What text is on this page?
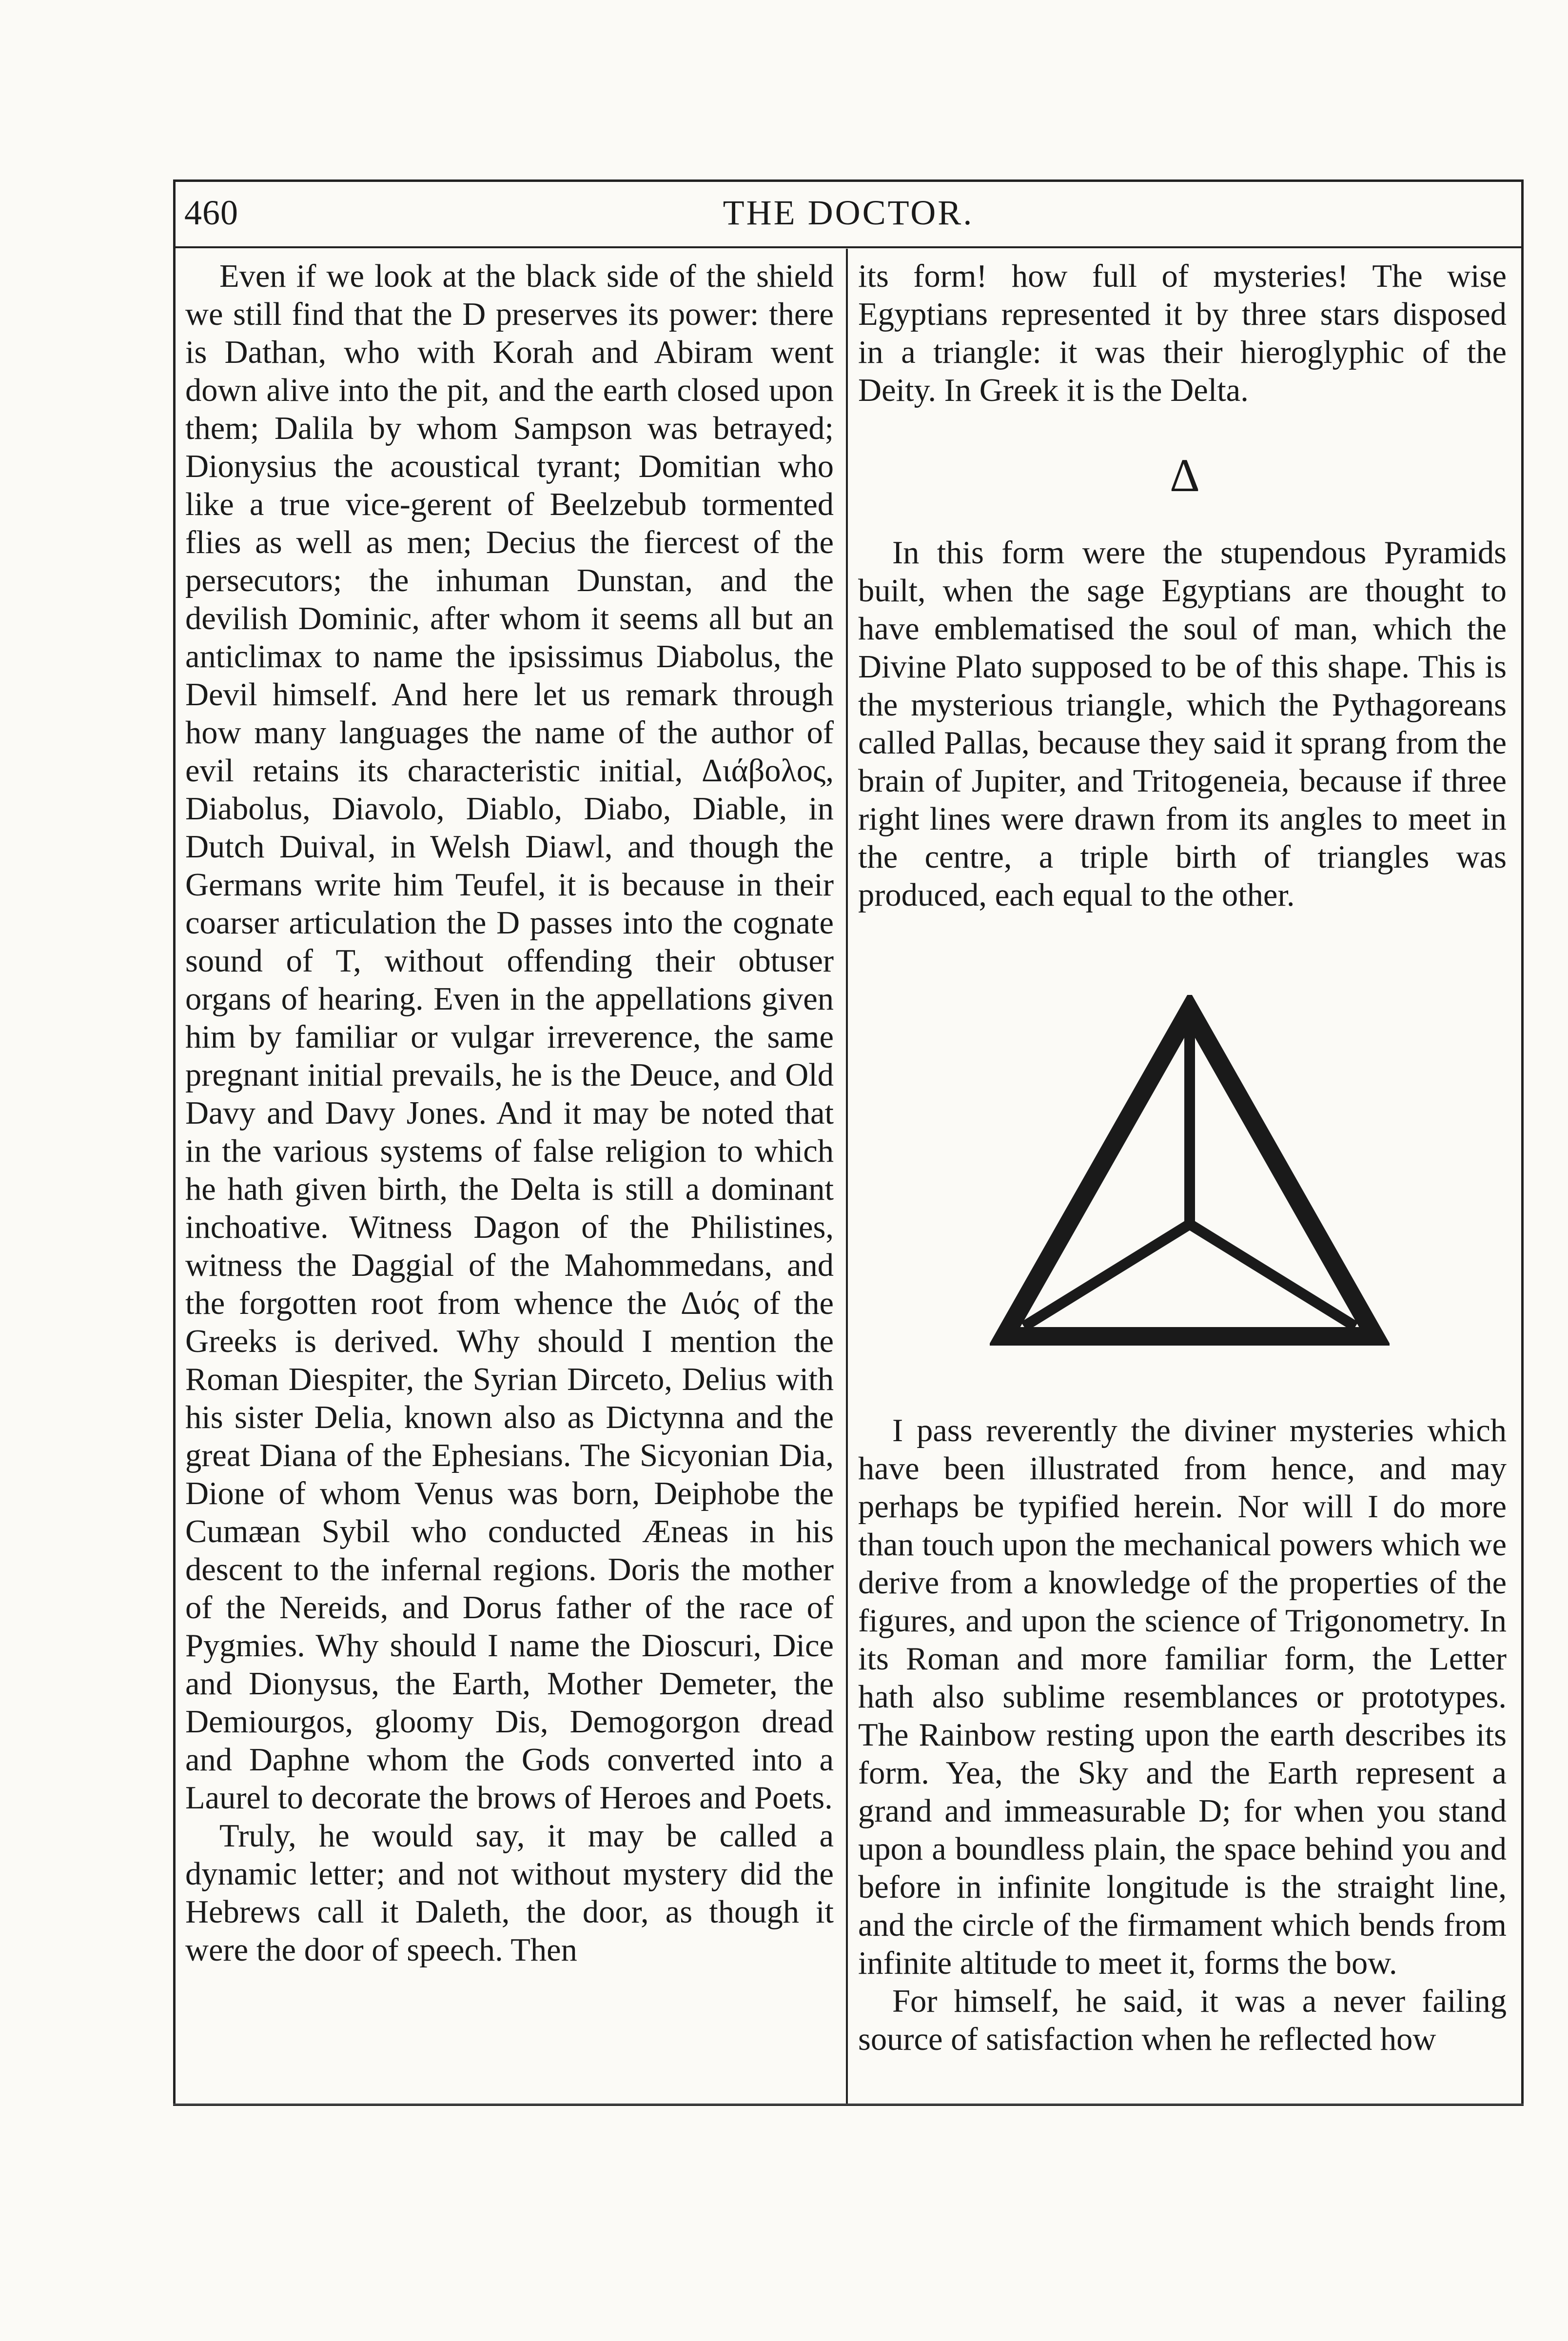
460	THE DOCTOR.

Even if we look at the black side of the shield we still find that the D preserves its power: there is Dathan, who with Korah and Abiram went down alive into the pit, and the earth closed upon them; Dalila by whom Sampson was betrayed; Dionysius the acoustical tyrant; Domitian who like a true vice-gerent of Beelzebub tormented flies as well as men; Decius the fiercest of the persecutors; the inhuman Dunstan, and the devilish Dominic, after whom it seems all but an anticlimax to name the ipsissimus Diabolus, the Devil himself. And here let us remark through how many languages the name of the author of evil retains its characteristic initial, Διάβολος, Diabolus, Diavolo, Diablo, Diabo, Diable, in Dutch Duival, in Welsh Diawl, and though the Germans write him Teufel, it is because in their coarser articulation the D passes into the cognate sound of T, without offending their obtuser organs of hearing. Even in the appellations given him by familiar or vulgar irreverence, the same pregnant initial prevails, he is the Deuce, and Old Davy and Davy Jones. And it may be noted that in the various systems of false religion to which he hath given birth, the Delta is still a dominant inchoative. Witness Dagon of the Philistines, witness the Daggial of the Mahommedans, and the forgotten root from whence the Διός of the Greeks is derived. Why should I mention the Roman Diespiter, the Syrian Dirceto, Delius with his sister Delia, known also as Dictynna and the great Diana of the Ephesians. The Sicyonian Dia, Dione of whom Venus was born, Deiphobe the Cumæan Sybil who conducted Æneas in his descent to the infernal regions. Doris the mother of the Nereids, and Dorus father of the race of Pygmies. Why should I name the Dioscuri, Dice and Dionysus, the Earth, Mother Demeter, the Demiourgos, gloomy Dis, Demogorgon dread and Daphne whom the Gods converted into a Laurel to decorate the brows of Heroes and Poets.

Truly, he would say, it may be called a dynamic letter; and not without mystery did the Hebrews call it Daleth, the door, as though it were the door of speech. Then

its form! how full of mysteries! The wise Egyptians represented it by three stars disposed in a triangle: it was their hieroglyphic of the Deity. In Greek it is the Delta.

Δ

In this form were the stupendous Pyramids built, when the sage Egyptians are thought to have emblematised the soul of man, which the Divine Plato supposed to be of this shape. This is the mysterious triangle, which the Pythagoreans called Pallas, because they said it sprang from the brain of Jupiter, and Tritogeneia, because if three right lines were drawn from its angles to meet in the centre, a triple birth of triangles was produced, each equal to the other.

I pass reverently the diviner mysteries which have been illustrated from hence, and may perhaps be typified herein. Nor will I do more than touch upon the mechanical powers which we derive from a knowledge of the properties of the figures, and upon the science of Trigonometry. In its Roman and more familiar form, the Letter hath also sublime resemblances or prototypes. The Rainbow resting upon the earth describes its form. Yea, the Sky and the Earth represent a grand and immeasurable D; for when you stand upon a boundless plain, the space behind you and before in infinite longitude is the straight line, and the circle of the firmament which bends from infinite altitude to meet it, forms the bow.

For himself, he said, it was a never failing source of satisfaction when he reflected how
